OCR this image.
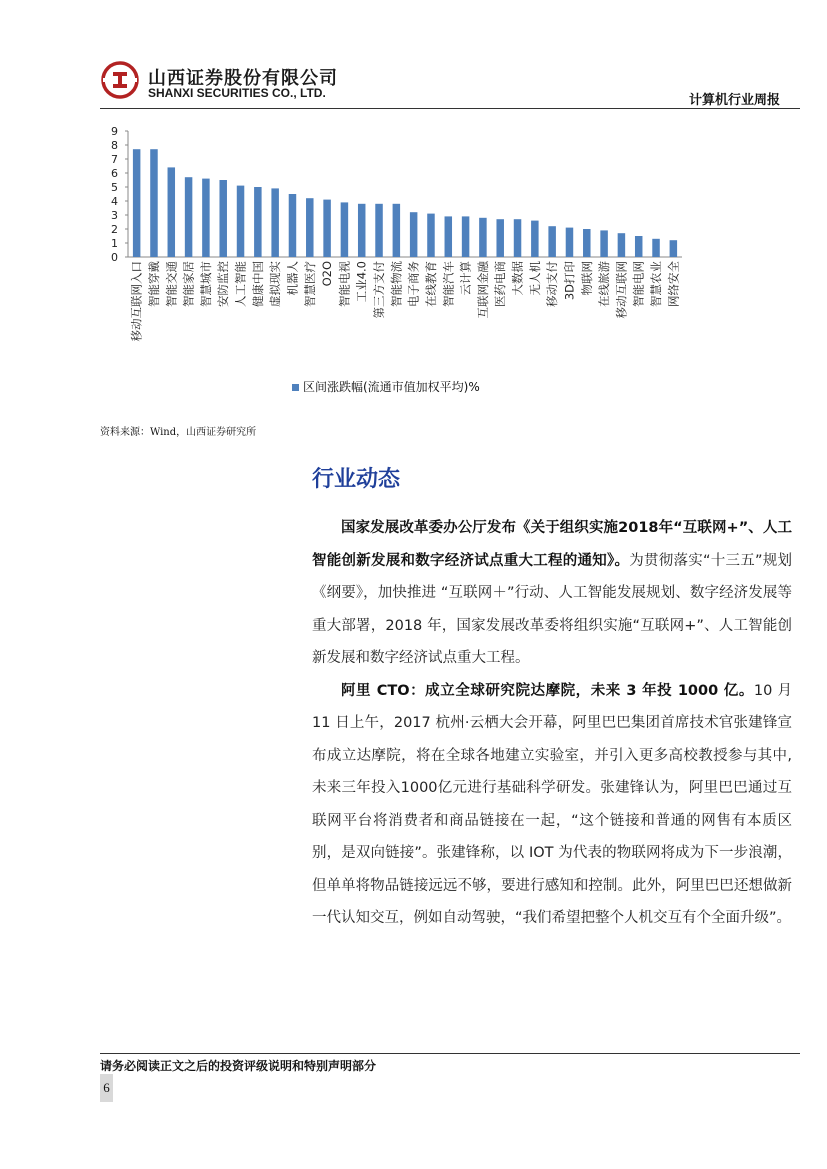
山西证券股份有限公司
SHANXI SECURITIES CO., LTD.	计算机行业周报
0
1
2
3
4
5
6
7
8
9
移动互联网入口 智能穿戴 智能交通 智能家居 智慧城市 安防监控 人工智能 健康中国 虚拟现实 机器人 智慧医疗 O2O 智能电视 工业4.0 第三方支付 智能物流 电子商务 在线教育 智能汽车 云计算 互联网金融 医药电商 大数据 无人机 移动支付 3D打印 物联网 在线旅游 移动互联网 智能电网 智慧农业 网络安全
区间涨跌幅(流通市值加权平均)%
资料来源：Wind，山西证券研究所
行业动态

国家发展改革委办公厅发布《关于组织实施2018年“互联网+”、人工智能创新发展和数字经济试点重大工程的通知》。为贯彻落实“十三五”规划《纲要》，加快推进 “互联网＋”行动、人工智能发展规划、数字经济发展等重大部署，2018 年，国家发展改革委将组织实施“互联网+”、人工智能创新发展和数字经济试点重大工程。

阿里 CTO：成立全球研究院达摩院，未来 3 年投 1000 亿。10 月 11 日上午，2017 杭州·云栖大会开幕，阿里巴巴集团首席技术官张建锋宣布成立达摩院，将在全球各地建立实验室，并引入更多高校教授参与其中,未来三年投入1000亿元进行基础科学研发。张建锋认为，阿里巴巴通过互联网平台将消费者和商品链接在一起，“这个链接和普通的网售有本质区别，是双向链接”。张建锋称，以 IOT 为代表的物联网将成为下一步浪潮，但单单将物品链接远远不够，要进行感知和控制。此外，阿里巴巴还想做新一代认知交互，例如自动驾驶，“我们希望把整个人机交互有个全面升级”。

请务必阅读正文之后的投资评级说明和特别声明部分
6
